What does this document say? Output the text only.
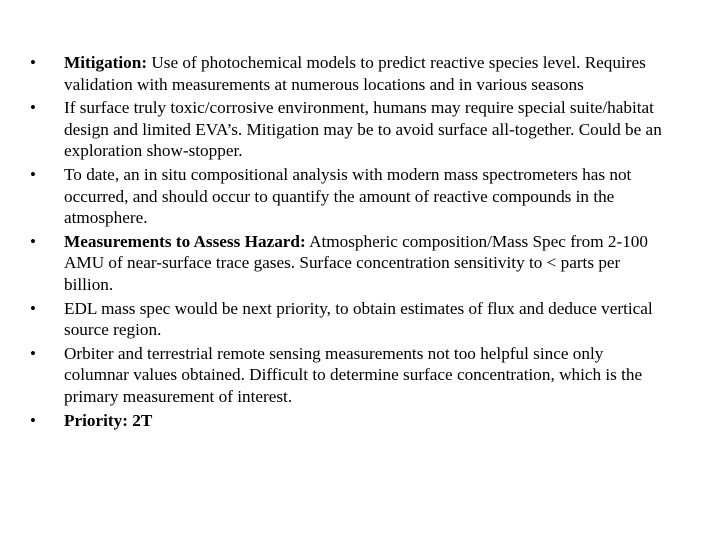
•	Mitigation: Use of photochemical models to predict reactive species level. Requires validation with measurements at numerous locations and in various seasons
•	If surface truly toxic/corrosive environment, humans may require special suite/habitat design and limited EVA’s. Mitigation may be to avoid surface all-together. Could be an exploration show-stopper.
•	To date, an in situ compositional analysis with modern mass spectrometers has not occurred, and should occur to quantify the amount of reactive compounds in the atmosphere.
•	Measurements to Assess Hazard: Atmospheric composition/Mass Spec from 2-100 AMU of near-surface trace gases. Surface concentration sensitivity to < parts per billion.
•	EDL mass spec would be next priority, to obtain estimates of flux and deduce vertical source region.
•	Orbiter and terrestrial remote sensing measurements not too helpful since only columnar values obtained. Difficult to determine surface concentration, which is the primary measurement of interest.
•	Priority: 2T
